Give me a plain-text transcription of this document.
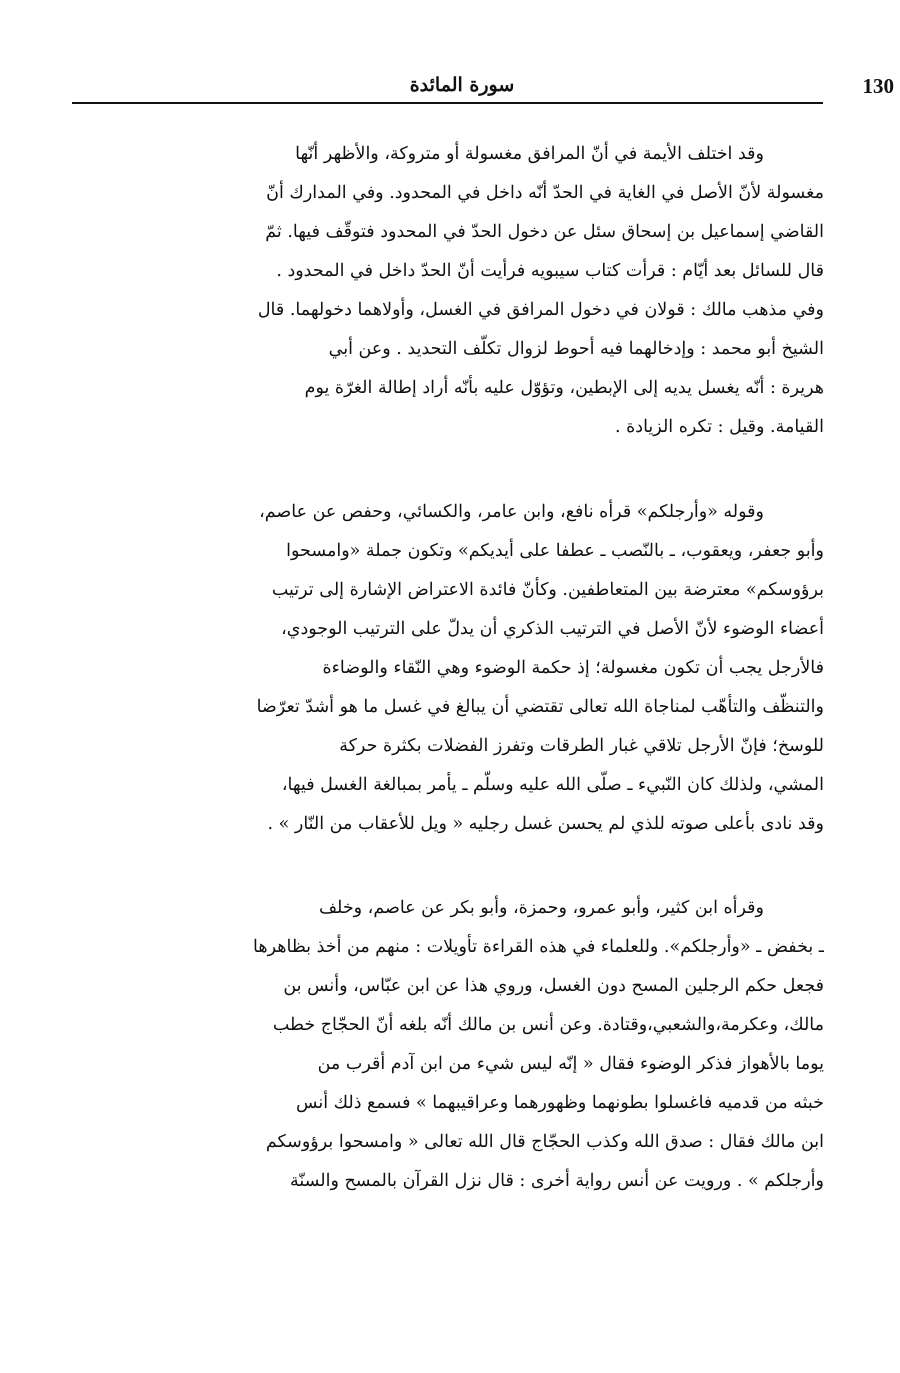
130
سورة المائدة
وقد اختلف الأيمة في أنّ المرافق مغسولة أو متروكة، والأظهر أنّها
مغسولة لأنّ الأصل في الغاية في الحدّ أنّه داخل في المحدود. وفي المدارك أنّ
القاضي إسماعيل بن إسحاق سئل عن دخول الحدّ في المحدود فتوقّف فيها. ثمّ
قال للسائل بعد أيّام : قرأت كتاب سيبويه فرأيت أنّ الحدّ داخل في المحدود .
وفي مذهب مالك : قولان في دخول المرافق في الغسل، وأولاهما دخولهما. قال
الشيخ أبو محمد : وإدخالهما فيه أحوط لزوال تكلّف التحديد . وعن أبي
هريرة : أنّه يغسل يديه إلى الإبطين، وتؤوّل عليه بأنّه أراد إطالة الغرّة يوم
القيامة. وقيل : تكره الزيادة .
وقوله «وأرجلكم» قرأه نافع، وابن عامر، والكسائي، وحفص عن عاصم،
وأبو جعفر، ويعقوب، ـ بالنّصب ـ عطفا على أيديكم» وتكون جملة «وامسحوا
برؤوسكم» معترضة بين المتعاطفين. وكأنّ فائدة الاعتراض الإشارة إلى ترتيب
أعضاء الوضوء لأنّ الأصل في الترتيب الذكري أن يدلّ على الترتيب الوجودي،
فالأرجل يجب أن تكون مغسولة؛ إذ حكمة الوضوء وهي النّقاء والوضاءة
والتنظّف والتأهّب لمناجاة الله تعالى تقتضي أن يبالغ في غسل ما هو أشدّ تعرّضا
للوسخ؛ فإنّ الأرجل تلاقي غبار الطرقات وتفرز الفضلات بكثرة حركة
المشي، ولذلك كان النّبيء ـ صلّى الله عليه وسلّم ـ يأمر بمبالغة الغسل فيها،
وقد نادى بأعلى صوته للذي لم يحسن غسل رجليه « ويل للأعقاب من النّار » .
وقرأه ابن كثير، وأبو عمرو، وحمزة، وأبو بكر عن عاصم، وخلف
ـ بخفض ـ «وأرجلكم». وللعلماء في هذه القراءة تأويلات : منهم من أخذ بظاهرها
فجعل حكم الرجلين المسح دون الغسل، وروي هذا عن ابن عبّاس، وأنس بن
مالك، وعكرمة،والشعبي،وقتادة. وعن أنس بن مالك أنّه بلغه أنّ الحجّاج خطب
يوما بالأهواز فذكر الوضوء فقال « إنّه ليس شيء من ابن آدم أقرب من
خبثه من قدميه فاغسلوا بطونهما وظهورهما وعراقيبهما » فسمع ذلك أنس
ابن مالك فقال : صدق الله وكذب الحجّاج قال الله تعالى « وامسحوا برؤوسكم
وأرجلكم » . ورويت عن أنس رواية أخرى : قال نزل القرآن بالمسح والسنّة
